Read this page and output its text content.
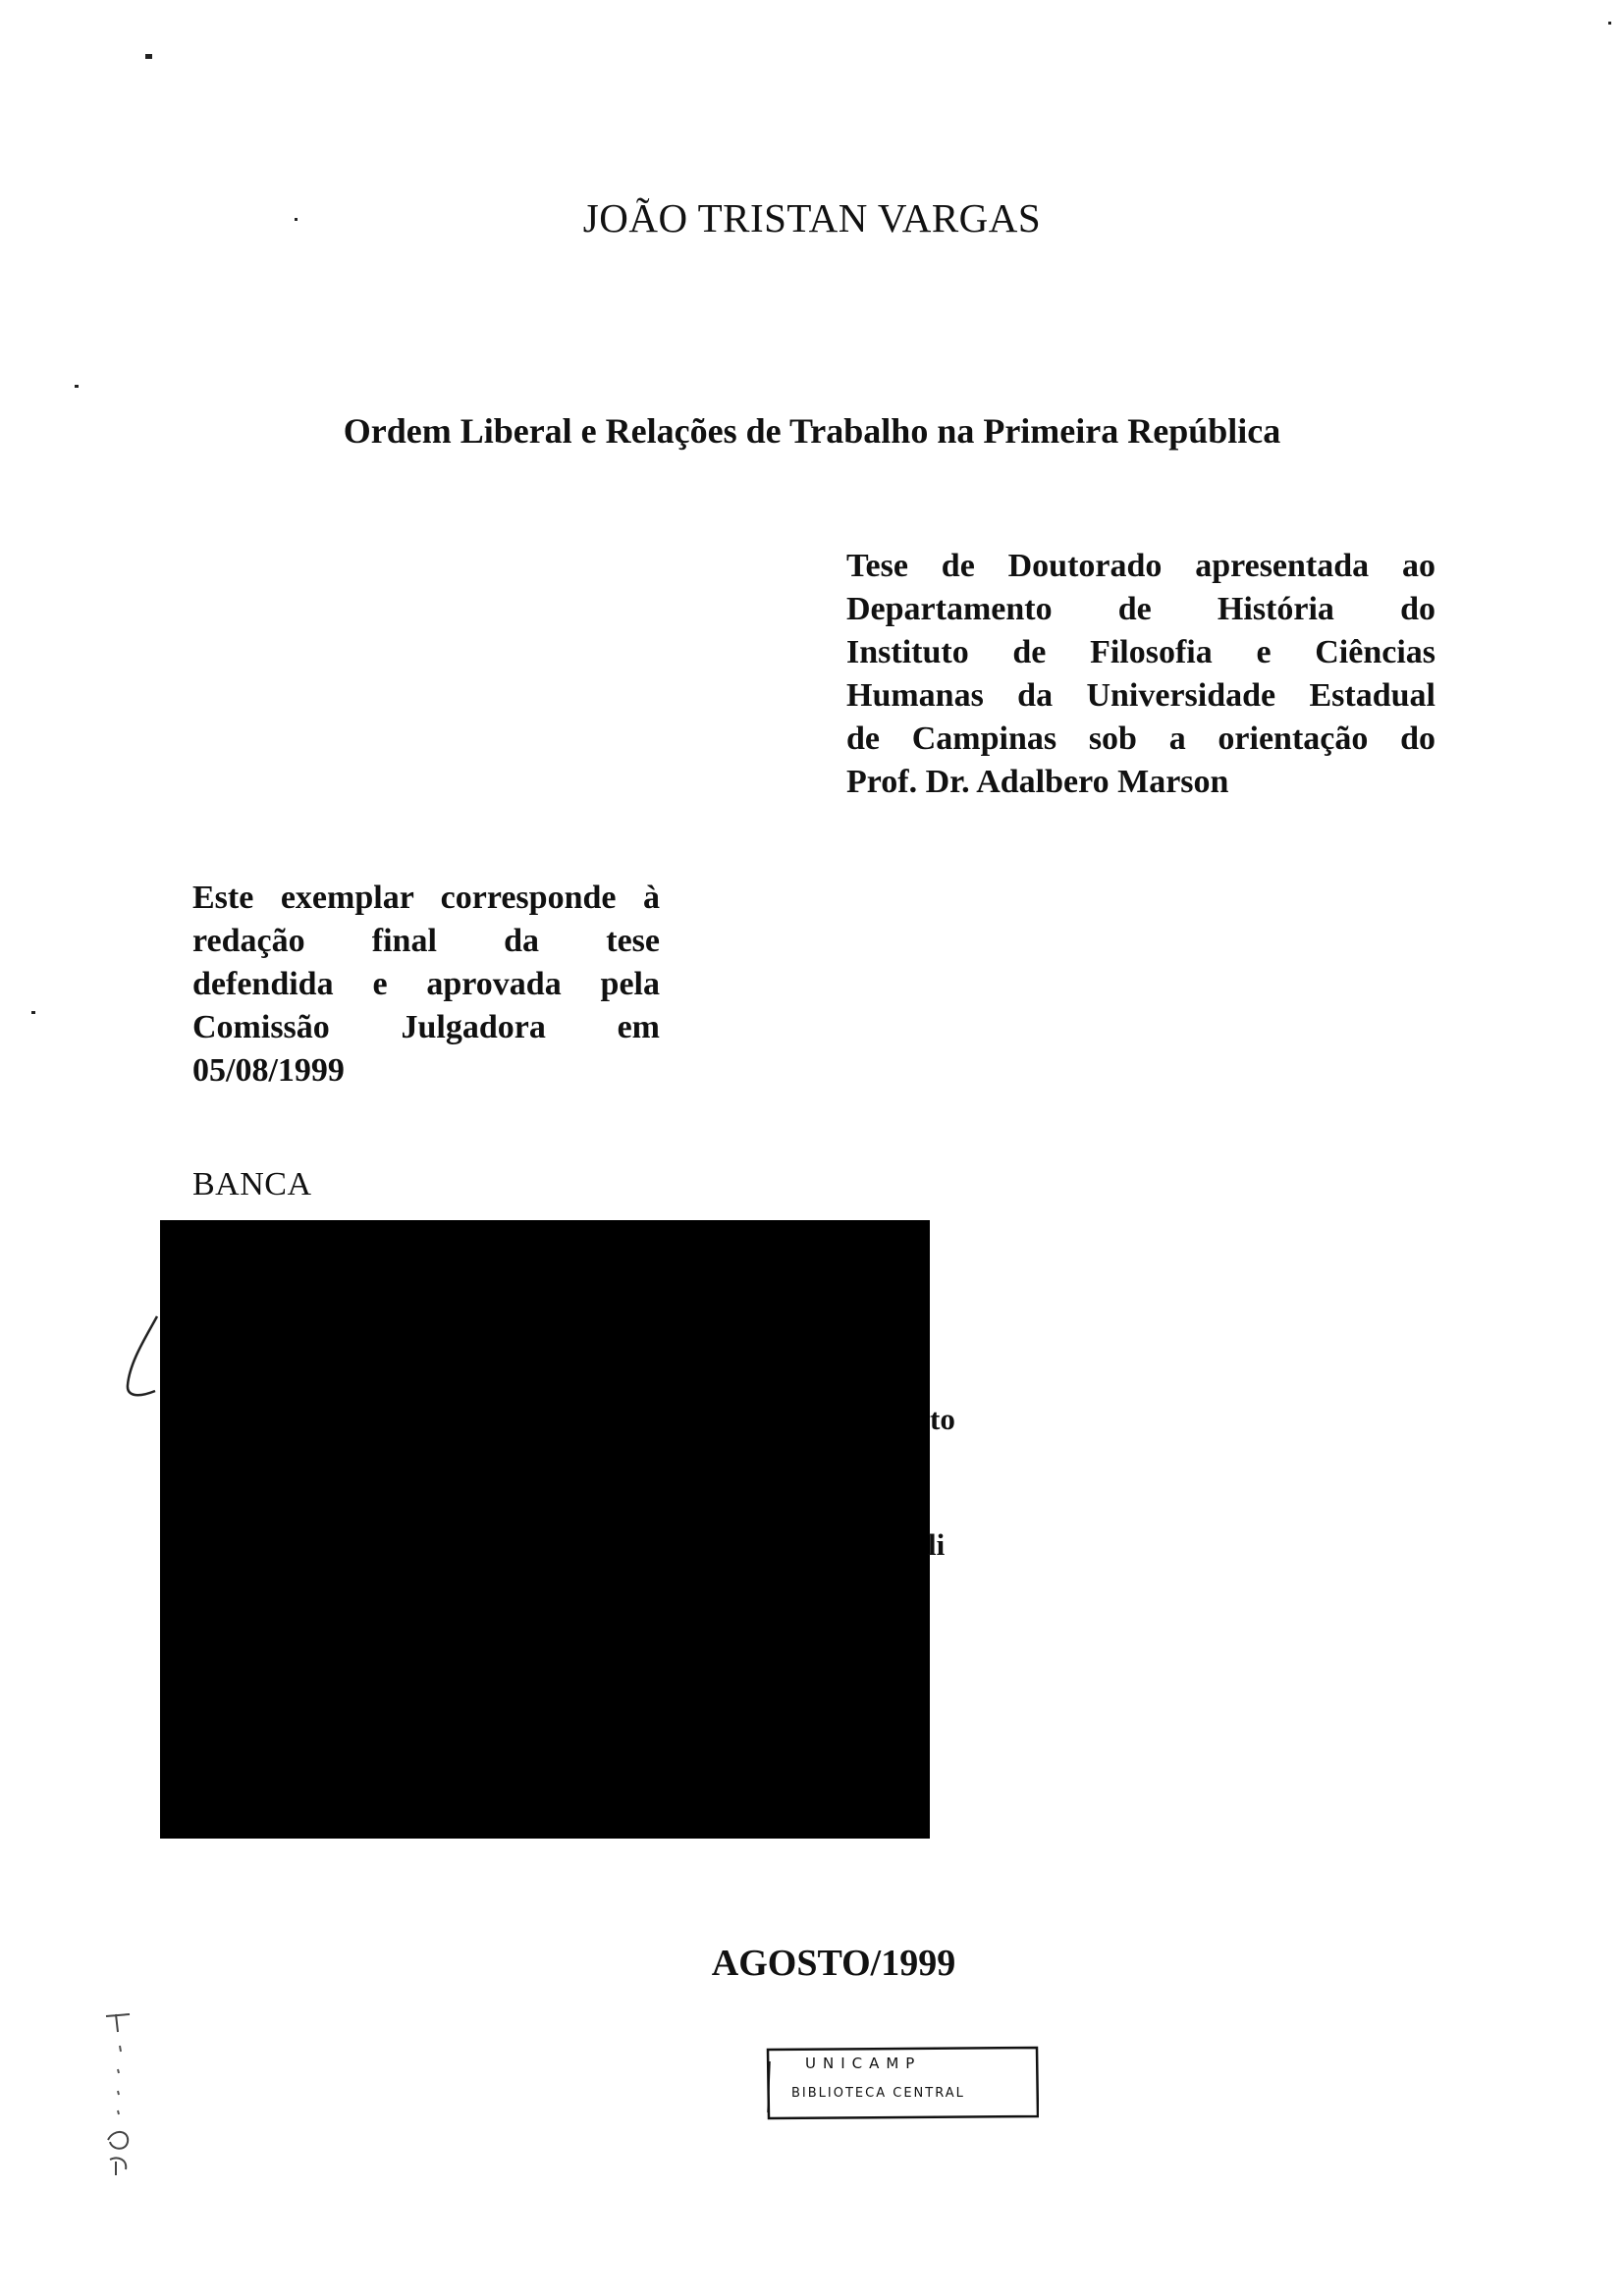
JOÃO TRISTAN VARGAS
Ordem Liberal e Relações de Trabalho na Primeira República
Tese de Doutorado apresentada ao
Departamento de História do
Instituto de Filosofia e Ciências
Humanas da Universidade Estadual
de Campinas sob a orientação do
Prof. Dr. Adalbero Marson
Este exemplar corresponde à
redação final da tese
defendida e aprovada pela
Comissão Julgadora em
05/08/1999
BANCA
to
li
AGOSTO/1999
UNICAMP
BIBLIOTECA CENTRAL
